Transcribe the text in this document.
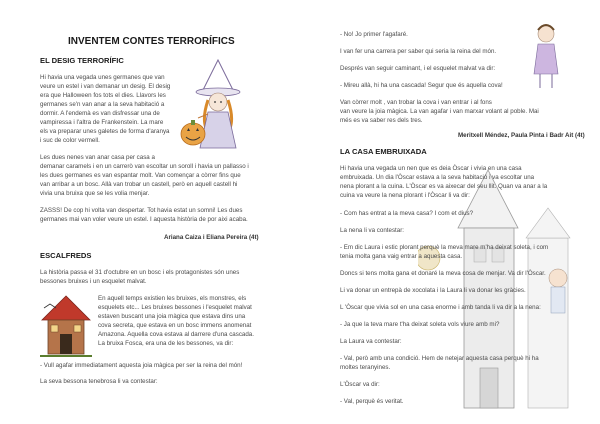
INVENTEM CONTES TERRORÍFICS
EL DESIG TERRORÍFIC
Hi havia una vegada unes germanes que van
veure un estel i van demanar un desig. El desig
era que Halloween fos tots el dies. Llavors les
germanes se'n van anar a la seva habitació a
dormir. A l'endemà es van disfressar una de
vampiressa i l'altra de Frankenstein. La mare
els va preparar unes galetes de forma d'aranya
i suc de color vermell.
Les dues nenes van anar casa per casa a
demanar caramels i en un carrerò van escoltar un soroll i havia un pallasso i
les dues germanes es van espantar molt. Van començar a còrrer fins que
van arribar a un bosc. Allà van trobar un castell, però en aquell castell hi
vivia una bruixa que se les volia menjar.
ZASSS! De cop hi volta van despertar. Tot havia estat un somni! Les dues
germanes mai van voler veure un estel. I aquesta història de por aixi acaba.
Ariana Caiza i Eliana Pereira (4t)
ESCALFREDS
La història passa el 31 d'octubre en un bosc i els protagonistes són unes
bessones bruixes i un esquelet malvat.
En aquell temps existien les bruixes, els monstres, els
esquelets etc... Les bruixes bessones i l'esquelet malvat
estaven buscant una joia màgica que estava dins una
cova secreta, que estava en un bosc immens anomenat
Amazona. Aquella cova estava al darrere d'una cascada.
La bruixa Fosca, era una de les bessones, va dir:
- Vull agafar immediatament aquesta joia màgica per ser la reina del món!
La seva bessona tenebrosa li va contestar:
- No! Jo primer l'agafaré.
I van fer una carrera per saber qui seria la reina del món.
Després van seguir caminant, i el esquelet malvat va dir:
- Mireu allà, hi ha una cascada! Segur que és aquella cova!
Van còrrer molt , van trobar la cova i van entrar i al fons
van veure la joia màgica. La van agafar i van marxar volant al poble. Mai
més es va saber res dels tres.
Meritxell Méndez, Paula Pinta i Badr Ait (4t)
LA CASA EMBRUIXADA
Hi havia una vegada un nen que es deia Òscar i vivia en una casa
embruixada. Un dia l'Òscar estava a la seva habitació i va escoltar una
nena plorant a la cuina. L'Òscar es va aixecar del seu llit. Quan va anar a la
cuina va veure la nena plorant i l'Òscar li va dir:
- Com has entrat a la meva casa? I com et dius?
La nena li va contestar:
- Em dic Laura i estic plorant perquè la meva mare m'ha deixat soleta, i com
tenia molta gana vaig entrar a aquesta casa.
Doncs si tens molta gana et donaré la meva cosa de menjar. Va dir l'Òscar.
Li va donar un entrepà de xocolata i la Laura li va donar les gràcies.
L 'Òscar que vivia sol en una casa enorme i amb tanda li va dir a la nena:
- Ja que la teva mare t'ha deixat soleta vols viure amb mi?
La Laura va contestar:
- Val, però amb una condició. Hem de netejar aquesta casa perquè hi ha
moltes teranyines.
L'Òscar va dir:
- Val, perquè és veritat.
